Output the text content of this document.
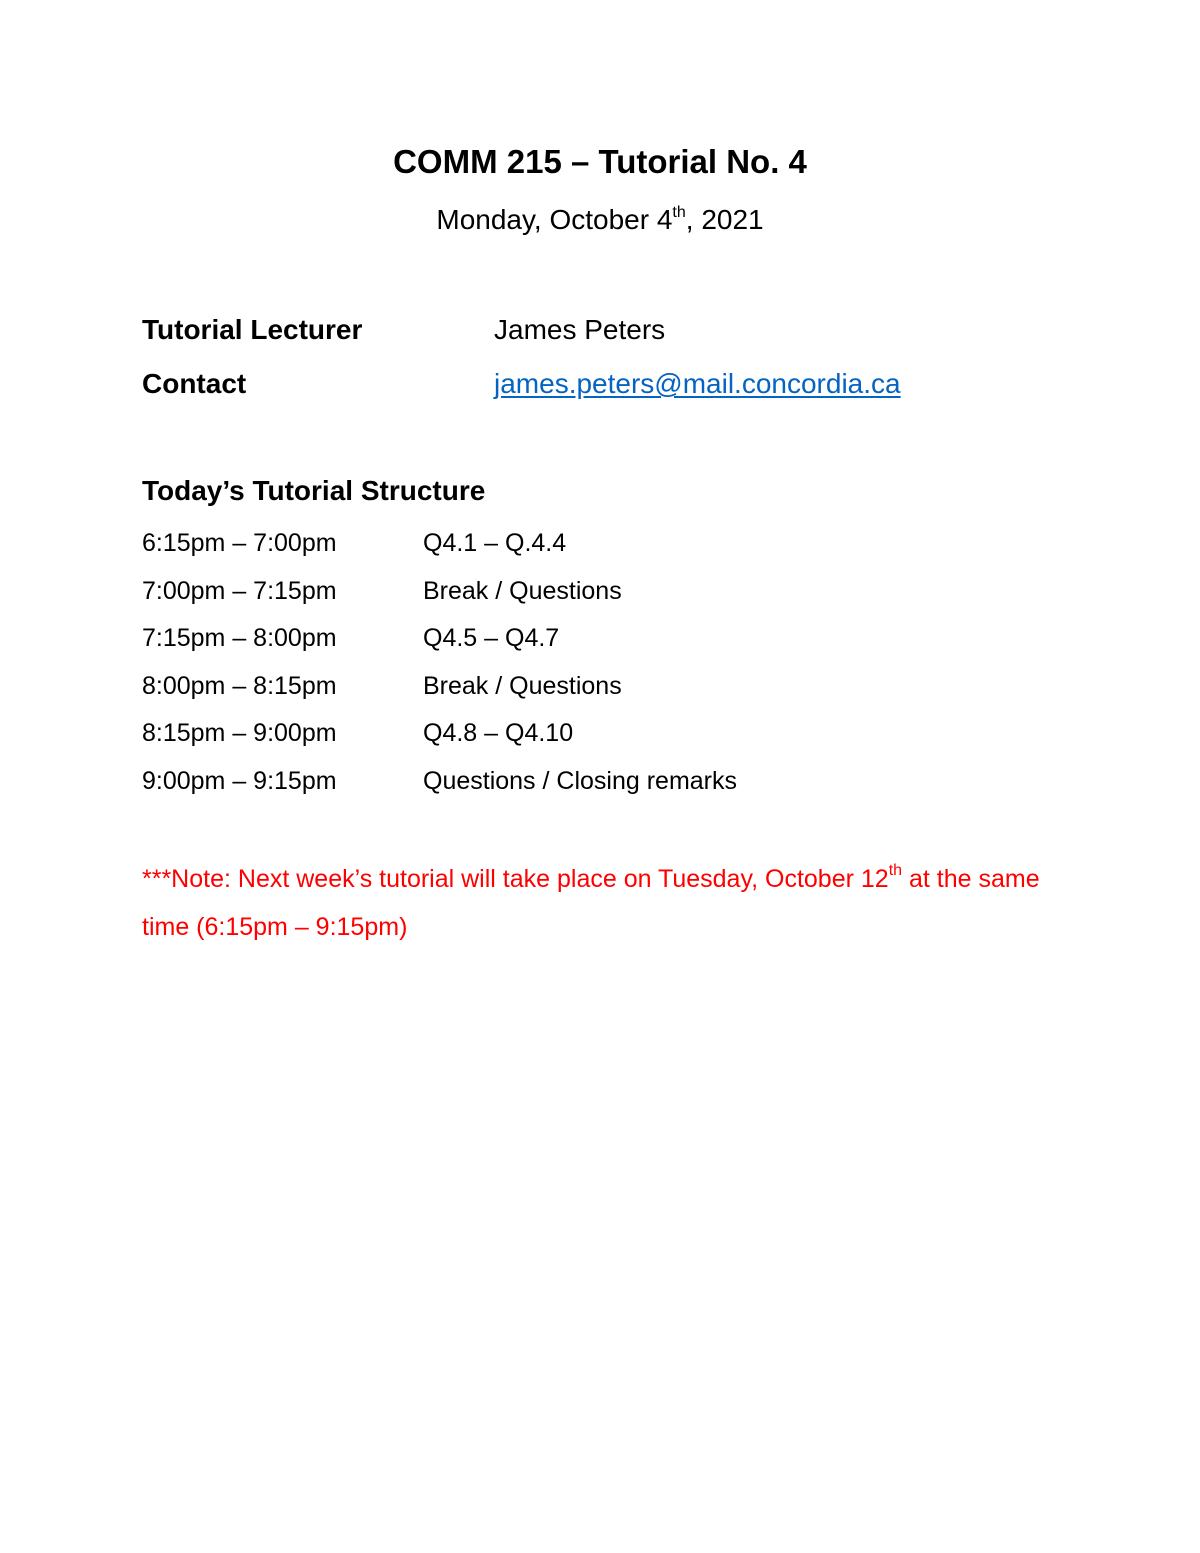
COMM 215 – Tutorial No. 4
Monday, October 4th, 2021
Tutorial Lecturer	James Peters
Contact	james.peters@mail.concordia.ca
Today’s Tutorial Structure
6:15pm – 7:00pm	Q4.1 – Q.4.4
7:00pm – 7:15pm	Break / Questions
7:15pm – 8:00pm	Q4.5 – Q4.7
8:00pm – 8:15pm	Break / Questions
8:15pm – 9:00pm	Q4.8 – Q4.10
9:00pm – 9:15pm	Questions / Closing remarks
***Note: Next week’s tutorial will take place on Tuesday, October 12th at the same time (6:15pm – 9:15pm)
